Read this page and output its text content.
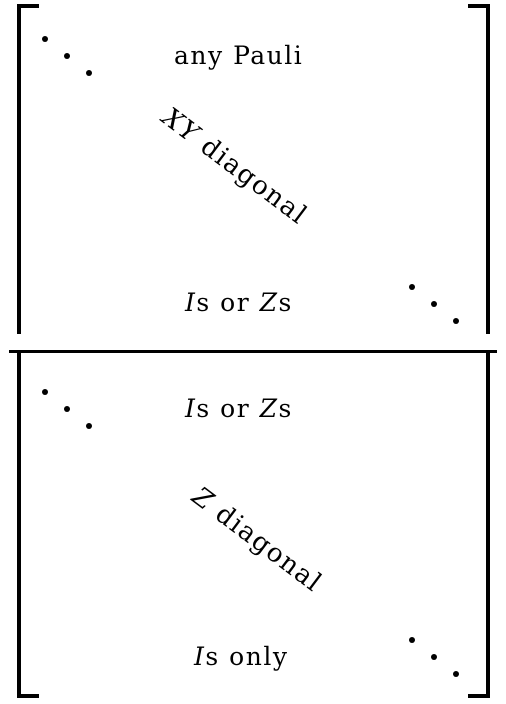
any Pauli
XY diagonal
Is or Zs
Is or Zs
Z diagonal
Is only
